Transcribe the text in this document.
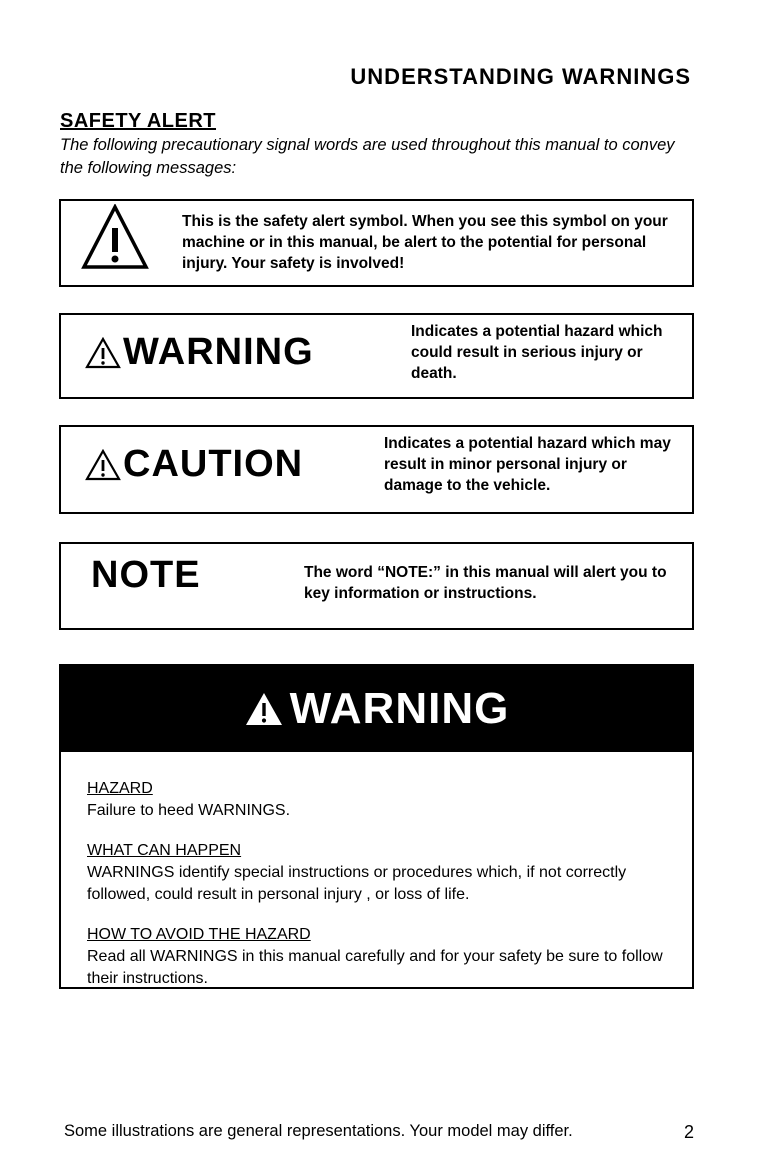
UNDERSTANDING WARNINGS
SAFETY ALERT
The following precautionary signal words are used throughout this manual to convey the following messages:
This is the safety alert symbol. When you see this symbol on your machine or in this manual, be alert to the potential for personal injury. Your safety is involved!
WARNING	Indicates a potential hazard which could result in serious injury or death.
CAUTION	Indicates a potential hazard which may result in minor personal injury or damage to the vehicle.
NOTE	The word “NOTE:” in this manual will alert you to key information or instructions.
WARNING
HAZARD
Failure to heed WARNINGS.
WHAT CAN HAPPEN
WARNINGS identify special instructions or procedures which, if not correctly followed, could result in personal injury , or loss of life.
HOW TO AVOID THE HAZARD
Read all WARNINGS in this manual carefully and for your safety be sure to follow their instructions.
Some illustrations are general representations. Your model may differ.	2
